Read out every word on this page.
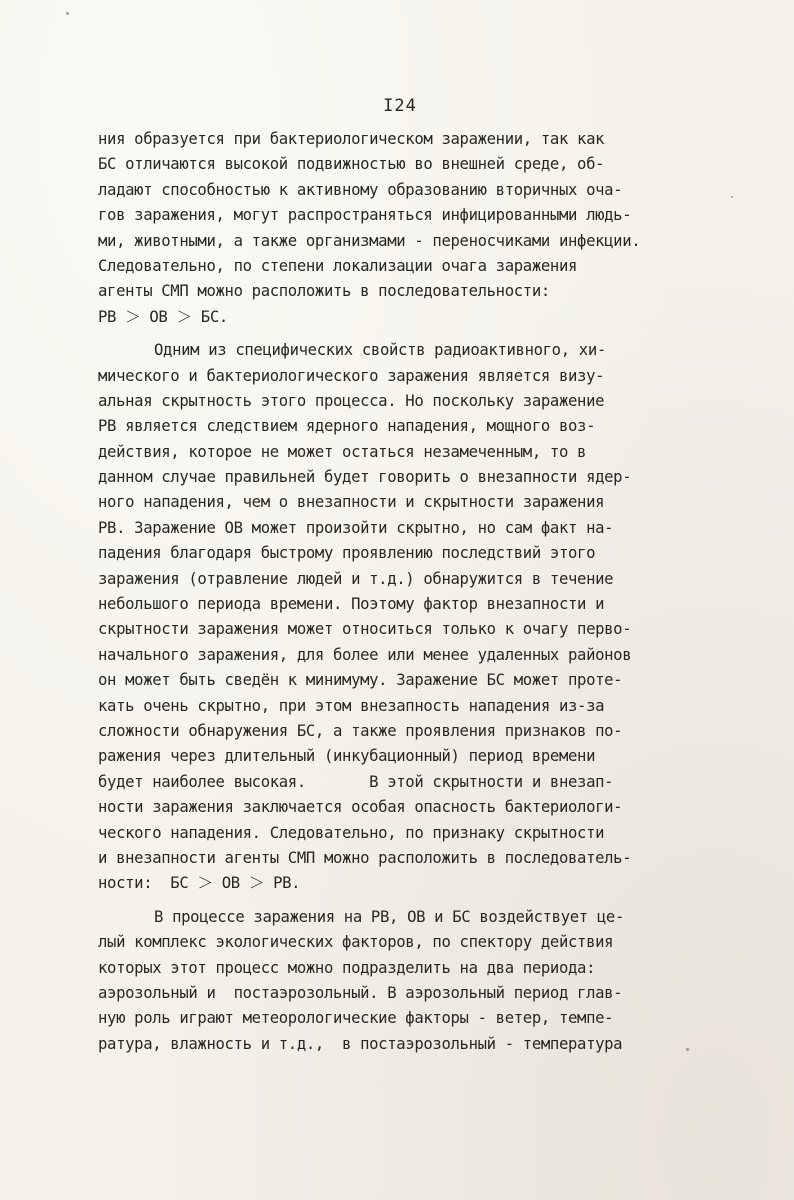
I24
ния образуется при бактериологическом заражении, так как
БС отличаются высокой подвижностью во внешней среде, об-
ладают способностью к активному образованию вторичных оча-
гов заражения, могут распространяться инфицированными людь-
ми, животными, а также организмами - переносчиками инфекции.
Следовательно, по степени локализации очага заражения
агенты СМП можно расположить в последовательности:
РВ ＞ ОВ ＞ БС.
Одним из специфических свойств радиоактивного, хи-
мического и бактериологического заражения является визу-
альная скрытность этого процесса. Но поскольку заражение
РВ является следствием ядерного нападения, мощного воз-
действия, которое не может остаться незамеченным, то в
данном случае правильней будет говорить о внезапности ядер-
ного нападения, чем о внезапности и скрытности заражения
РВ. Заражение ОВ может произойти скрытно, но сам факт на-
падения благодаря быстрому проявлению последствий этого
заражения (отравление людей и т.д.) обнаружится в течение
небольшого периода времени. Поэтому фактор внезапности и
скрытности заражения может относиться только к очагу перво-
начального заражения, для более или менее удаленных районов
он может быть сведён к минимуму. Заражение БС может проте-
кать очень скрытно, при этом внезапность нападения из-за
сложности обнаружения БС, а также проявления признаков по-
ражения через длительный (инкубационный) период времени
будет наиболее высокая.       В этой скрытности и внезап-
ности заражения заключается особая опасность бактериологи-
ческого нападения. Следовательно, по признаку скрытности
и внезапности агенты СМП можно расположить в последователь-
ности:  БС ＞ ОВ ＞ РВ.
В процессе заражения на РВ, ОВ и БС воздействует це-
лый комплекс экологических факторов, по спектору действия
которых этот процесс можно подразделить на два периода:
аэрозольный и  постаэрозольный. В аэрозольный период глав-
ную роль играют метеорологические факторы - ветер, темпе-
ратура, влажность и т.д.,  в постаэрозольный - температура
